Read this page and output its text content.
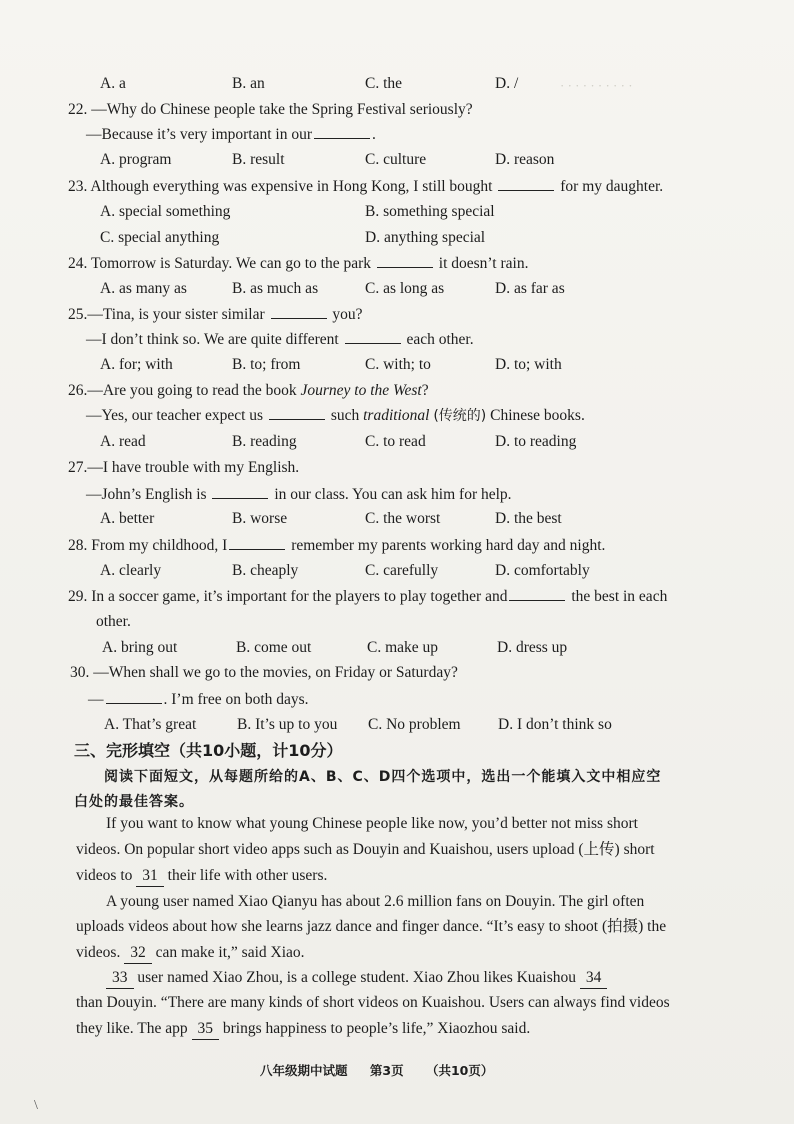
· · · · · · · · · ·
A. a	B. an	C. the	D. /
22. —Why do Chinese people take the Spring Festival seriously?
—Because it’s very important in our	.
A. program	B. result	C. culture	D. reason
23. Although everything was expensive in Hong Kong, I still bought	for my daughter.
A. special something	B. something special
C. special anything	D. anything special
24. Tomorrow is Saturday. We can go to the park	it doesn’t rain.
A. as many as	B. as much as	C. as long as	D. as far as
25.—Tina, is your sister similar	you?
—I don’t think so. We are quite different	each other.
A. for; with	B. to; from	C. with; to	D. to; with
26.—Are you going to read the book Journey to the West?
—Yes, our teacher expect us	such traditional (传统的) Chinese books.
A. read	B. reading	C. to read	D. to reading
27.—I have trouble with my English.
—John’s English is	in our class. You can ask him for help.
A. better	B. worse	C. the worst	D. the best
28. From my childhood, I	remember my parents working hard day and night.
A. clearly	B. cheaply	C. carefully	D. comfortably
29. In a soccer game, it’s important for the players to play together and	the best in each
other.
A. bring out	B. come out	C. make up	D. dress up
30. —When shall we go to the movies, on Friday or Saturday?
—	. I’m free on both days.
A. That’s great	B. It’s up to you C. No problem D. I don’t think so
三、完形填空（共10小题，计10分）
阅读下面短文，从每题所给的A、B、C、D四个选项中，选出一个能填入文中相应空
白处的最佳答案。
If you want to know what young Chinese people like now, you’d better not miss short
videos. On popular short video apps such as Douyin and Kuaishou, users upload (上传) short
videos to 31 their life with other users.
A young user named Xiao Qianyu has about 2.6 million fans on Douyin. The girl often
uploads videos about how she learns jazz dance and finger dance. “It’s easy to shoot (拍摄) the
videos. 32 can make it,” said Xiao.
33 user named Xiao Zhou, is a college student. Xiao Zhou likes Kuaishou 34
than Douyin. “There are many kinds of short videos on Kuaishou. Users can always find videos
they like. The app 35 brings happiness to people’s life,” Xiaozhou said.
八年级期中试题 第3页 （共10页）
\
